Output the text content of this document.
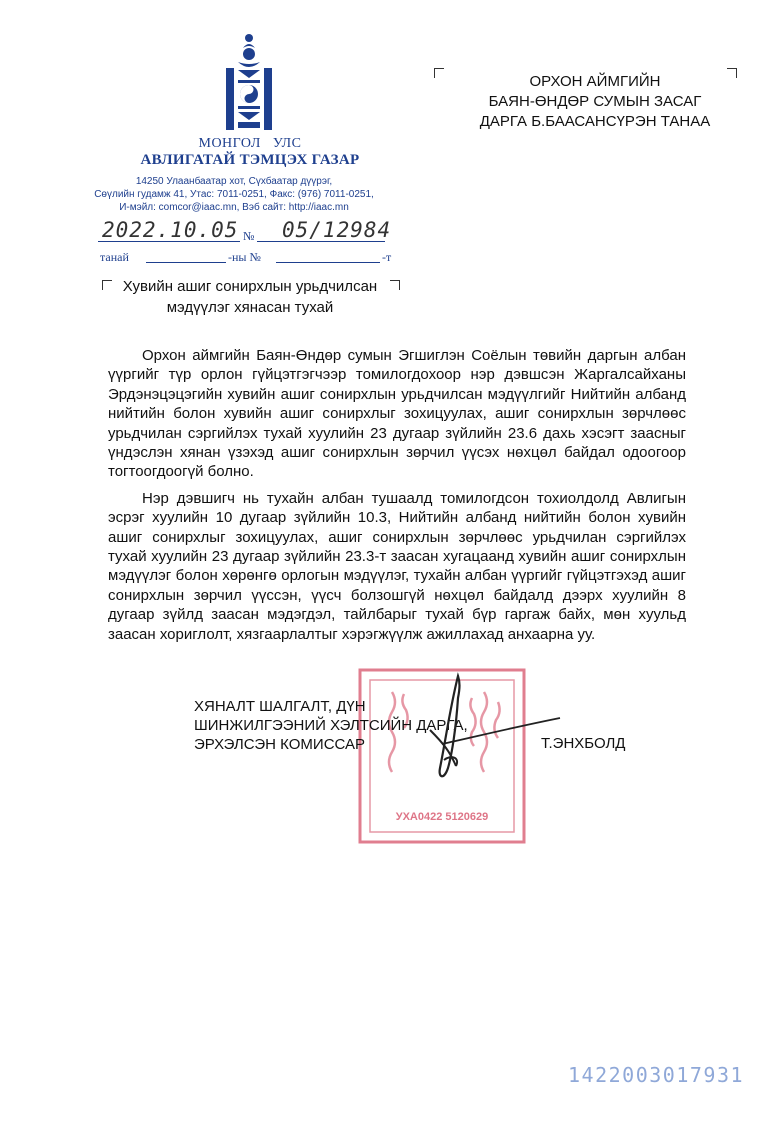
МОНГОЛ   УЛС
АВЛИГАТАЙ ТЭМЦЭХ ГАЗАР
14250 Улаанбаатар хот, Сүхбаатар дүүрэг,
Сөүлийн гудамж 41, Утас: 7011-0251, Факс: (976) 7011-0251,
И-мэйл: comcor@iaac.mn, Вэб сайт: http://iaac.mn
2022.10.05 № 05/12984
танай	-ны №	-т
ОРХОН АЙМГИЙН
БАЯН-ӨНДӨР СУМЫН ЗАСАГ
ДАРГА Б.БААСАНСҮРЭН ТАНАА
Хувийн ашиг сонирхлын урьдчилсан
мэдүүлэг хянасан тухай

Орхон аймгийн Баян-Өндөр сумын Эгшиглэн Соёлын төвийн даргын албан үүргийг түр орлон гүйцэтгэгчээр томилогдохоор нэр дэвшсэн Жаргалсайханы Эрдэнэцэцэгийн хувийн ашиг сонирхлын урьдчилсан мэдүүлгийг Нийтийн албанд нийтийн болон хувийн ашиг сонирхлыг зохицуулах, ашиг сонирхлын зөрчлөөс урьдчилан сэргийлэх тухай хуулийн 23 дугаар зүйлийн 23.6 дахь хэсэгт заасныг үндэслэн хянан үзэхэд ашиг сонирхлын зөрчил үүсэх нөхцөл байдал одоогоор тогтоогдоогүй болно.

Нэр дэвшигч нь тухайн албан тушаалд томилогдсон тохиолдолд Авлигын эсрэг хуулийн 10 дугаар зүйлийн 10.3, Нийтийн албанд нийтийн болон хувийн ашиг сонирхлыг зохицуулах, ашиг сонирхлын зөрчлөөс урьдчилан сэргийлэх тухай хуулийн 23 дугаар зүйлийн 23.3-т заасан хугацаанд хувийн ашиг сонирхлын мэдүүлэг болон хөрөнгө орлогын мэдүүлэг, тухайн албан үүргийг гүйцэтгэхэд ашиг сонирхлын зөрчил үүссэн, үүсч болзошгүй нөхцөл байдалд дээрх хуулийн 8 дугаар зүйлд заасан мэдэгдэл, тайлбарыг тухай бүр гаргаж байх, мөн хуульд заасан хориглолт, хязгаарлалтыг хэрэгжүүлж ажиллахад анхаарна уу.

УХА0422 5120629
ХЯНАЛТ ШАЛГАЛТ, ДҮН
ШИНЖИЛГЭЭНИЙ ХЭЛТСИЙН ДАРГА,
ЭРХЭЛСЭН КОМИССАР	Т.ЭНХБОЛД
1422003017931
